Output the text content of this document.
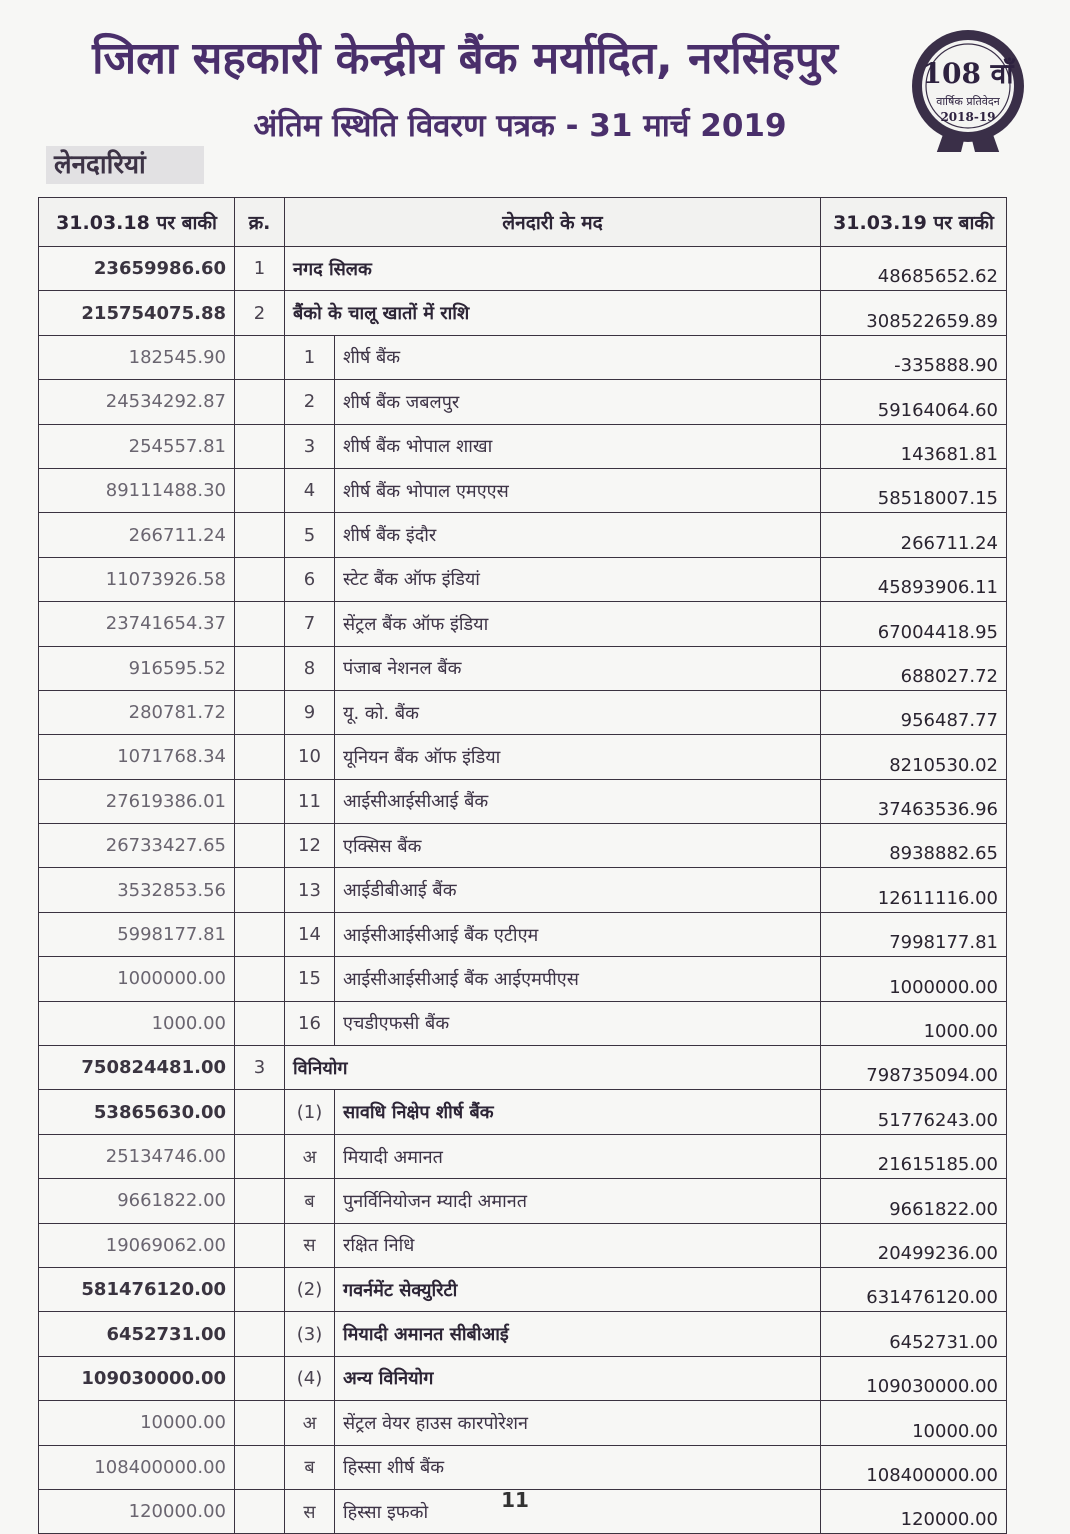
जिला सहकारी केन्द्रीय बैंक मर्यादित, नरसिंहपुर
अंतिम स्थिति विवरण पत्रक - 31 मार्च 2019
108 वाँ
वार्षिक प्रतिवेदन
2018-19
लेनदारियां
31.03.18 पर बाकी	क्र.	लेनदारी के मद		31.03.19 पर बाकी
23659986.60	1	नगद सिलक		48685652.62
215754075.88	2	बैंको के चालू खातों में राशि		308522659.89
182545.90		1	शीर्ष बैंक	-335888.90
24534292.87		2	शीर्ष बैंक जबलपुर	59164064.60
254557.81		3	शीर्ष बैंक भोपाल शाखा	143681.81
89111488.30		4	शीर्ष बैंक भोपाल एमएएस	58518007.15
266711.24		5	शीर्ष बैंक इंदौर	266711.24
11073926.58		6	स्टेट बैंक ऑफ इंडियां	45893906.11
23741654.37		7	सेंट्रल बैंक ऑफ इंडिया	67004418.95
916595.52		8	पंजाब नेशनल बैंक	688027.72
280781.72		9	यू. को. बैंक	956487.77
1071768.34		10	यूनियन बैंक ऑफ इंडिया	8210530.02
27619386.01		11	आईसीआईसीआई बैंक	37463536.96
26733427.65		12	एक्सिस बैंक	8938882.65
3532853.56		13	आईडीबीआई बैंक	12611116.00
5998177.81		14	आईसीआईसीआई बैंक एटीएम	7998177.81
1000000.00		15	आईसीआईसीआई बैंक आईएमपीएस	1000000.00
1000.00		16	एचडीएफसी बैंक	1000.00
750824481.00	3	विनियोग		798735094.00
53865630.00		(1)	सावधि निक्षेप शीर्ष बैंक	51776243.00
25134746.00		अ	मियादी अमानत	21615185.00
9661822.00		ब	पुनर्विनियोजन म्यादी अमानत	9661822.00
19069062.00		स	रक्षित निधि	20499236.00
581476120.00		(2)	गवर्नमेंट सेक्युरिटी	631476120.00
6452731.00		(3)	मियादी अमानत सीबीआई	6452731.00
109030000.00		(4)	अन्य विनियोग	109030000.00
10000.00		अ	सेंट्रल वेयर हाउस कारपोरेशन	10000.00
108400000.00		ब	हिस्सा शीर्ष बैंक	108400000.00
120000.00		स	हिस्सा इफको	120000.00
11
